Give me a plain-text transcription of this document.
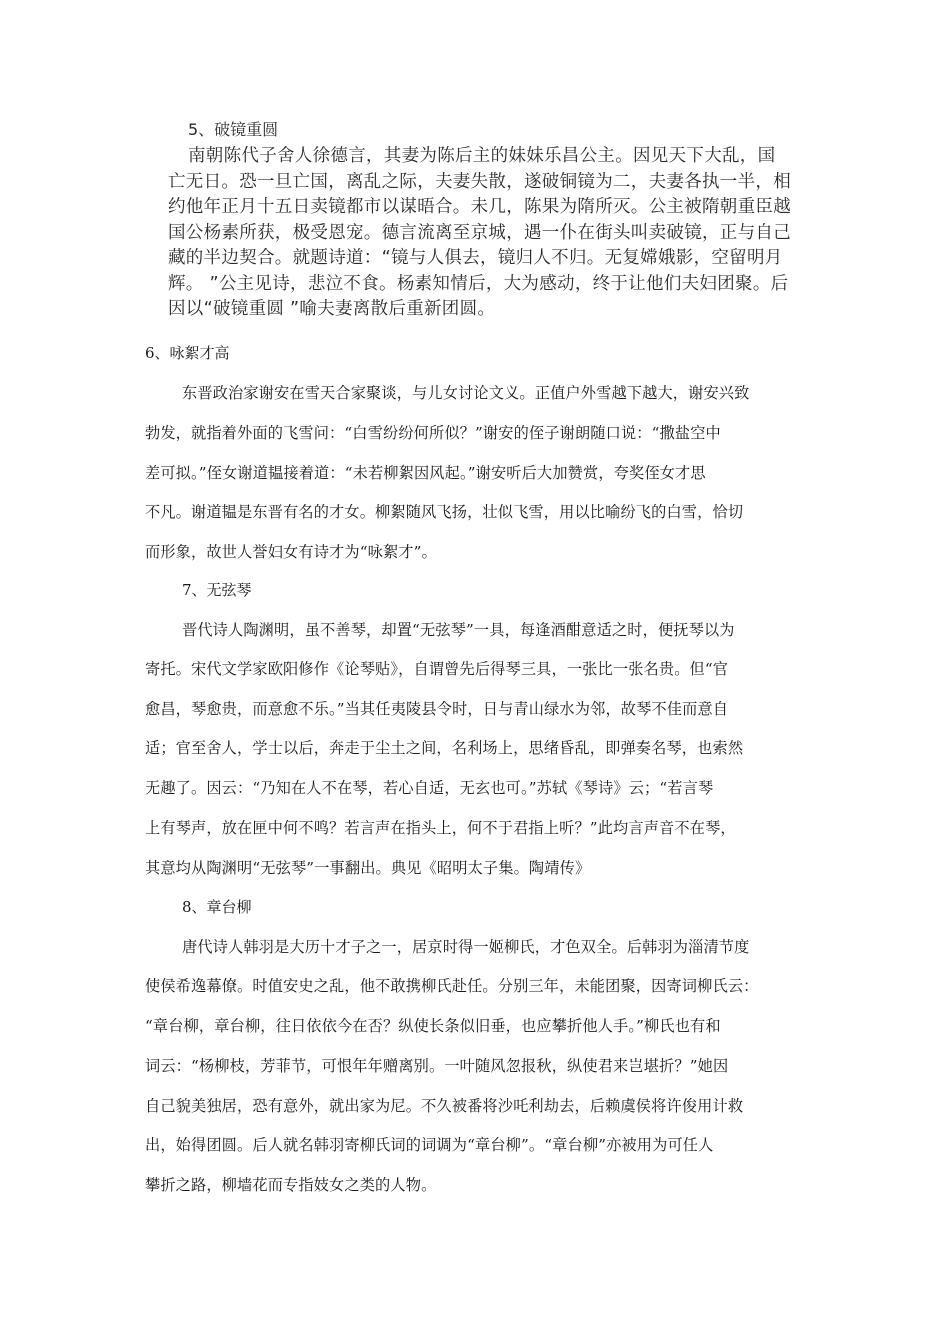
5、破镜重圆
南朝陈代子舍人徐德言，其妻为陈后主的妹妹乐昌公主。因见天下大乱，国
亡无日。恐一旦亡国，离乱之际，夫妻失散，遂破铜镜为二，夫妻各执一半，相
约他年正月十五日卖镜都市以谋晤合。未几，陈果为隋所灭。公主被隋朝重臣越
国公杨素所获，极受恩宠。德言流离至京城，遇一仆在街头叫卖破镜，正与自己
藏的半边契合。就题诗道：“镜与人俱去，镜归人不归。无复嫦娥影，空留明月
辉。 ”公主见诗，悲泣不食。杨素知情后，大为感动，终于让他们夫妇团聚。后
因以“破镜重圆 ”喻夫妻离散后重新团圆。
6、咏絮才高
东晋政治家谢安在雪天合家聚谈，与儿女讨论文义。正值户外雪越下越大，谢安兴致
勃发，就指着外面的飞雪问：“白雪纷纷何所似？”谢安的侄子谢朗随口说：“撒盐空中
差可拟。”侄女谢道韫接着道：“未若柳絮因风起。”谢安听后大加赞赏，夸奖侄女才思
不凡。谢道韫是东晋有名的才女。柳絮随风飞扬，壮似飞雪，用以比喻纷飞的白雪，恰切
而形象，故世人誉妇女有诗才为“咏絮才”。
7、无弦琴
晋代诗人陶渊明，虽不善琴，却置“无弦琴”一具，每逢酒酣意适之时，便抚琴以为
寄托。宋代文学家欧阳修作《论琴贴》，自谓曾先后得琴三具，一张比一张名贵。但“官
愈昌，琴愈贵，而意愈不乐。”当其任夷陵县令时，日与青山绿水为邻，故琴不佳而意自
适；官至舍人，学士以后，奔走于尘土之间，名利场上，思绪昏乱，即弹奏名琴，也索然
无趣了。因云：“乃知在人不在琴，若心自适，无玄也可。”苏轼《琴诗》云；“若言琴
上有琴声，放在匣中何不鸣？若言声在指头上，何不于君指上听？”此均言声音不在琴，
其意均从陶渊明“无弦琴”一事翻出。典见《昭明太子集。陶靖传》
8、章台柳
唐代诗人韩羽是大历十才子之一，居京时得一姬柳氏，才色双全。后韩羽为淄清节度
使侯希逸幕僚。时值安史之乱，他不敢携柳氏赴任。分别三年，未能团聚，因寄词柳氏云：
“章台柳，章台柳，往日依依今在否？纵使长条似旧垂，也应攀折他人手。”柳氏也有和
词云：“杨柳枝，芳菲节，可恨年年赠离别。一叶随风忽报秋，纵使君来岂堪折？”她因
自己貌美独居，恐有意外，就出家为尼。不久被番将沙吒利劫去，后赖虞侯将许俊用计救
出，始得团圆。后人就名韩羽寄柳氏词的词调为“章台柳”。“章台柳”亦被用为可任人
攀折之路，柳墙花而专指妓女之类的人物。
